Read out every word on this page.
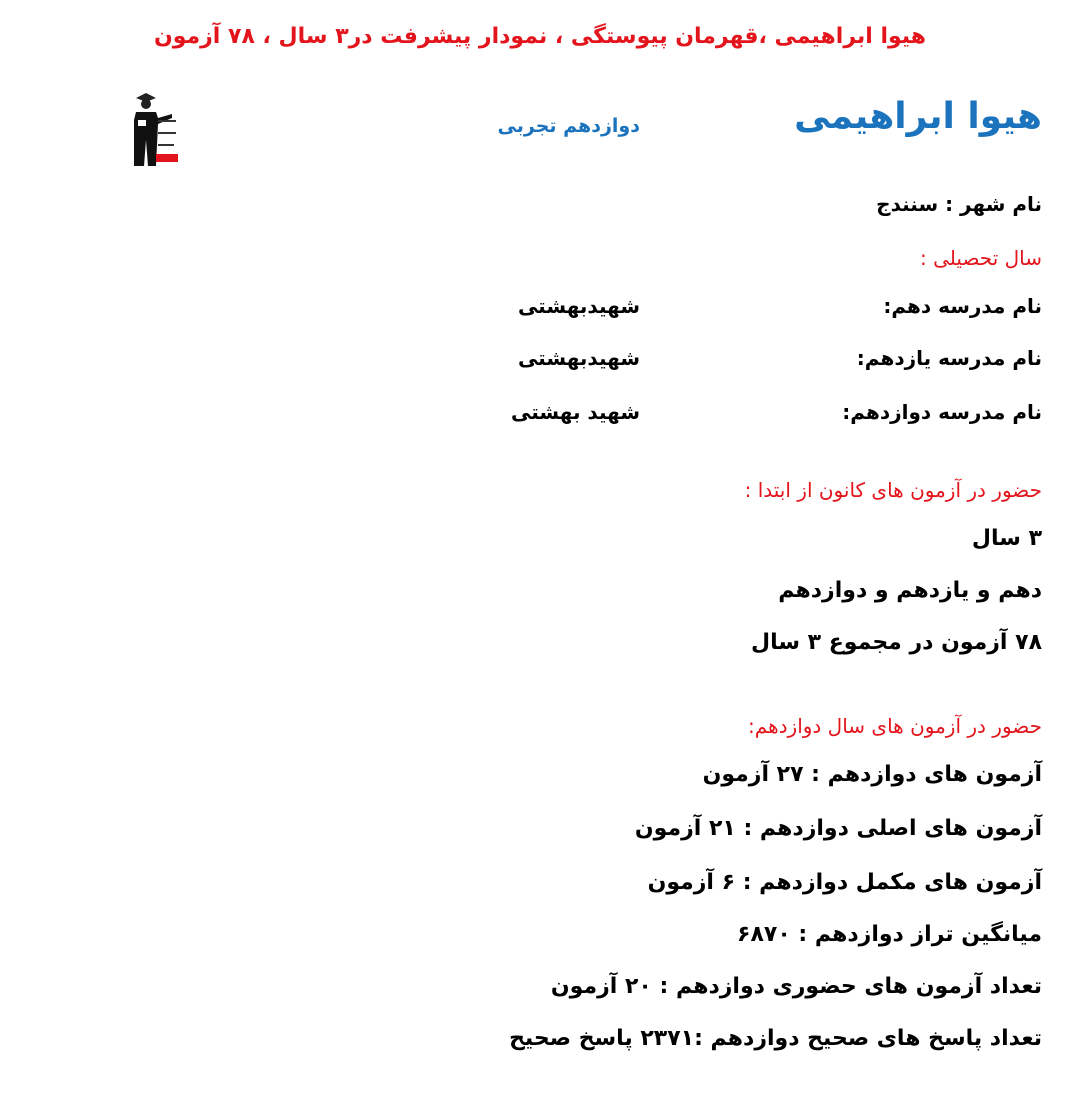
هیوا ابراهیمی ،قهرمان پیوستگی ، نمودار پیشرفت در۳ سال ، ۷۸ آزمون
هیوا ابراهیمی
دوازدهم تجربی
نام شهر : سنندج
سال تحصیلی :
نام مدرسه دهم:
شهیدبهشتی
نام مدرسه یازدهم:
شهیدبهشتی
نام مدرسه دوازدهم:
شهید بهشتی
حضور در آزمون های کانون از ابتدا :
۳ سال
دهم و یازدهم و دوازدهم
۷۸ آزمون در مجموع ۳ سال
حضور در آزمون های سال دوازدهم:
آزمون های دوازدهم : ۲۷ آزمون
آزمون های اصلی دوازدهم : ۲۱ آزمون
آزمون های مکمل دوازدهم : ۶ آزمون
میانگین تراز دوازدهم : ۶۸۷۰
تعداد آزمون های حضوری دوازدهم : ۲۰ آزمون
تعداد پاسخ های صحیح دوازدهم :۲۳۷۱ پاسخ صحیح
